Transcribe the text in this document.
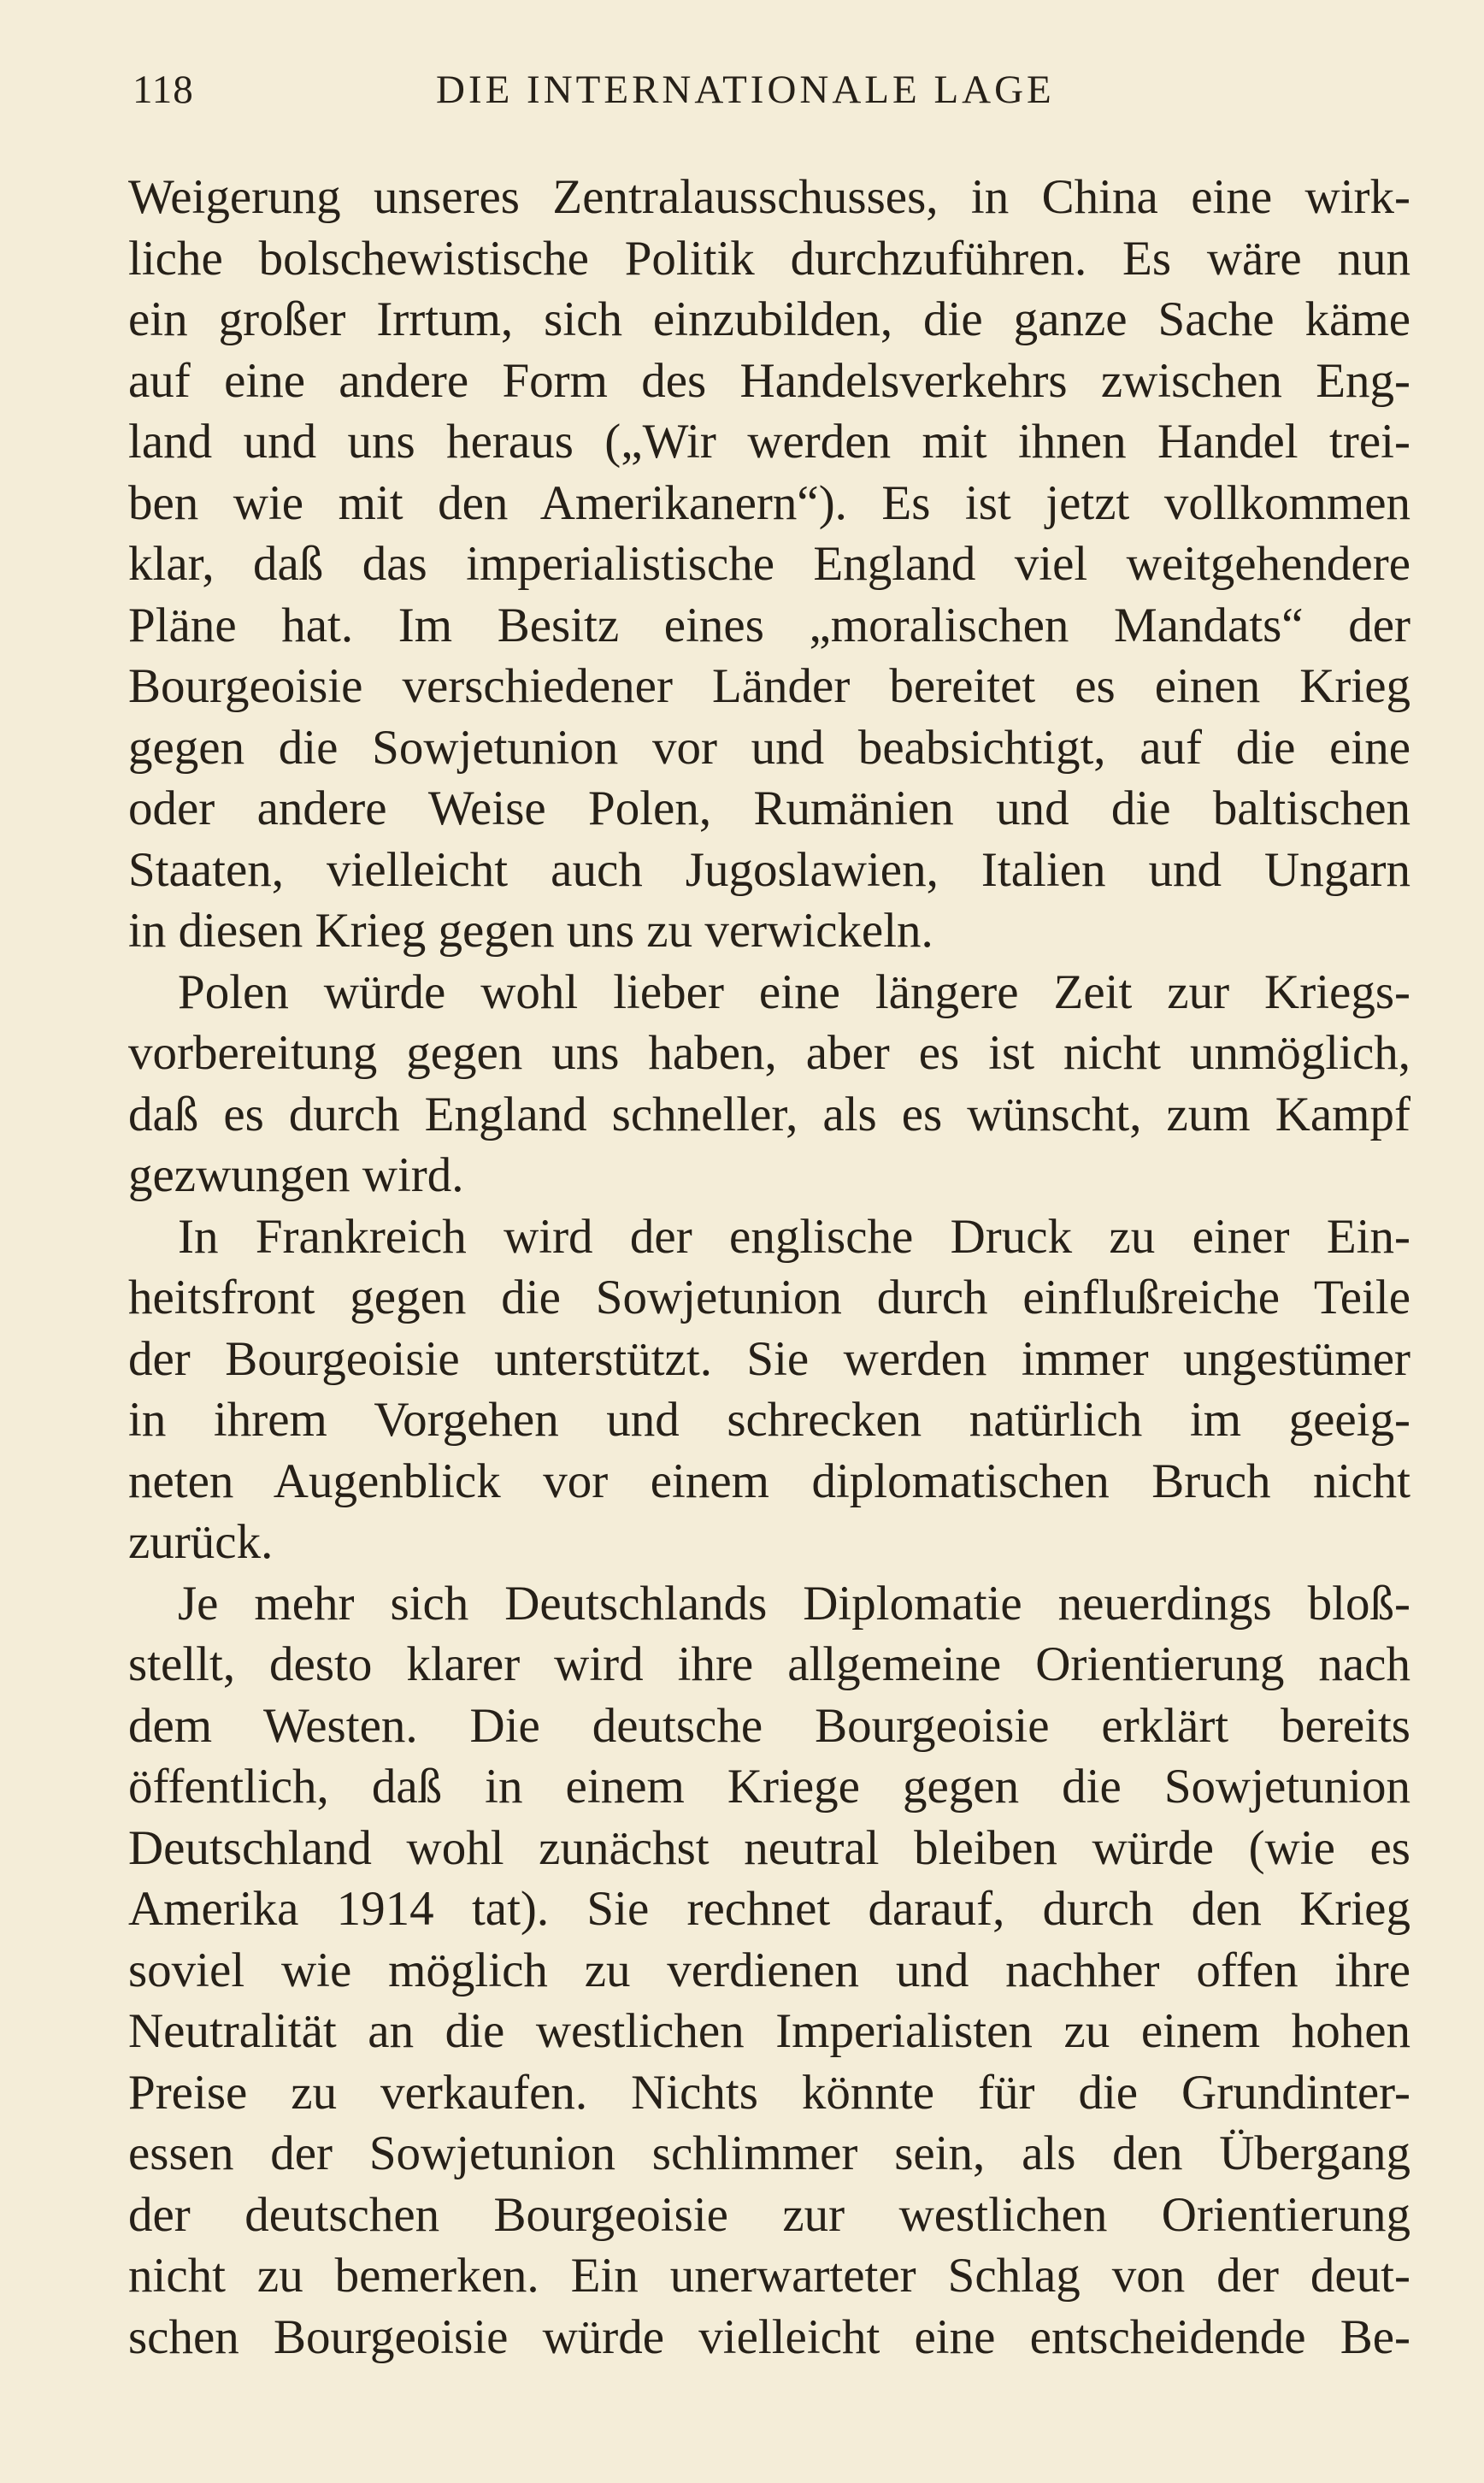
118	DIE INTERNATIONALE LAGE
Weigerung unseres Zentralausschusses, in China eine wirk-
liche bolschewistische Politik durchzuführen. Es wäre nun
ein großer Irrtum, sich einzubilden, die ganze Sache käme
auf eine andere Form des Handelsverkehrs zwischen Eng-
land und uns heraus („Wir werden mit ihnen Handel trei-
ben wie mit den Amerikanern“). Es ist jetzt vollkommen
klar, daß das imperialistische England viel weitgehendere
Pläne hat. Im Besitz eines „moralischen Mandats“ der
Bourgeoisie verschiedener Länder bereitet es einen Krieg
gegen die Sowjetunion vor und beabsichtigt, auf die eine
oder andere Weise Polen, Rumänien und die baltischen
Staaten, vielleicht auch Jugoslawien, Italien und Ungarn
in diesen Krieg gegen uns zu verwickeln.
Polen würde wohl lieber eine längere Zeit zur Kriegs-
vorbereitung gegen uns haben, aber es ist nicht unmöglich,
daß es durch England schneller, als es wünscht, zum Kampf
gezwungen wird.
In Frankreich wird der englische Druck zu einer Ein-
heitsfront gegen die Sowjetunion durch einflußreiche Teile
der Bourgeoisie unterstützt. Sie werden immer ungestümer
in ihrem Vorgehen und schrecken natürlich im geeig-
neten Augenblick vor einem diplomatischen Bruch nicht
zurück.
Je mehr sich Deutschlands Diplomatie neuerdings bloß-
stellt, desto klarer wird ihre allgemeine Orientierung nach
dem Westen. Die deutsche Bourgeoisie erklärt bereits
öffentlich, daß in einem Kriege gegen die Sowjetunion
Deutschland wohl zunächst neutral bleiben würde (wie es
Amerika 1914 tat). Sie rechnet darauf, durch den Krieg
soviel wie möglich zu verdienen und nachher offen ihre
Neutralität an die westlichen Imperialisten zu einem hohen
Preise zu verkaufen. Nichts könnte für die Grundinter-
essen der Sowjetunion schlimmer sein, als den Übergang
der deutschen Bourgeoisie zur westlichen Orientierung
nicht zu bemerken. Ein unerwarteter Schlag von der deut-
schen Bourgeoisie würde vielleicht eine entscheidende Be-
